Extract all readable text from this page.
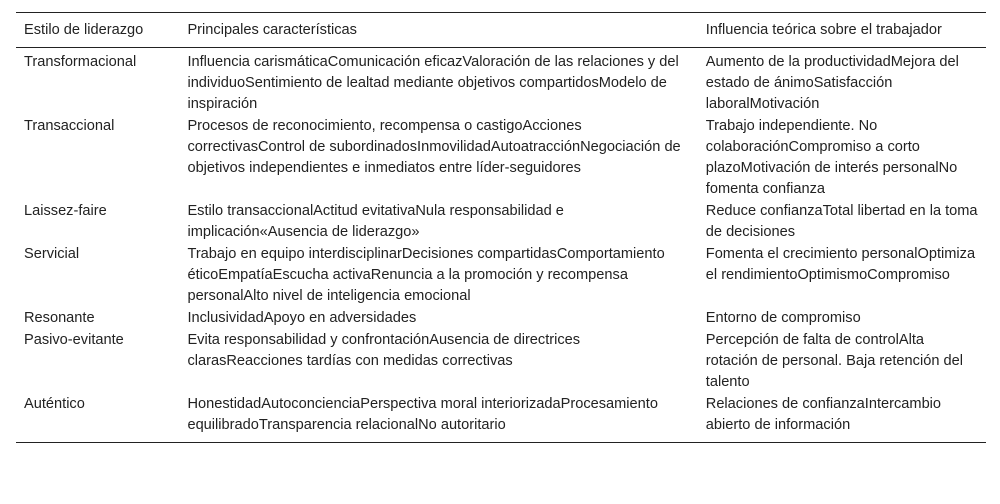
Estilo de liderazgo	Principales características	Influencia teórica sobre el trabajador
Transformacional	Influencia carismáticaComunicación eficazValoración de las relaciones y del individuoSentimiento de lealtad mediante objetivos compartidosModelo de inspiración	Aumento de la productividadMejora del estado de ánimoSatisfacción laboralMotivación
Transaccional	Procesos de reconocimiento, recompensa o castigoAcciones correctivasControl de subordinadosInmovilidadAutoatracciónNegociación de objetivos independientes e inmediatos entre líder-seguidores	Trabajo independiente. No colaboraciónCompromiso a corto plazoMotivación de interés personalNo fomenta confianza
Laissez-faire	Estilo transaccionalActitud evitativaNula responsabilidad e implicación«Ausencia de liderazgo»	Reduce confianzaTotal libertad en la toma de decisiones
Servicial	Trabajo en equipo interdisciplinarDecisiones compartidasComportamiento éticoEmpatíaEscucha activaRenuncia a la promoción y recompensa personalAlto nivel de inteligencia emocional	Fomenta el crecimiento personalOptimiza el rendimientoOptimismoCompromiso
Resonante	InclusividadApoyo en adversidades	Entorno de compromiso
Pasivo-evitante	Evita responsabilidad y confrontaciónAusencia de directrices clarasReacciones tardías con medidas correctivas	Percepción de falta de controlAlta rotación de personal. Baja retención del talento
Auténtico	HonestidadAutoconcienciaPerspectiva moral interiorizadaProcesamiento equilibradoTransparencia relacionalNo autoritario	Relaciones de confianzaIntercambio abierto de información
